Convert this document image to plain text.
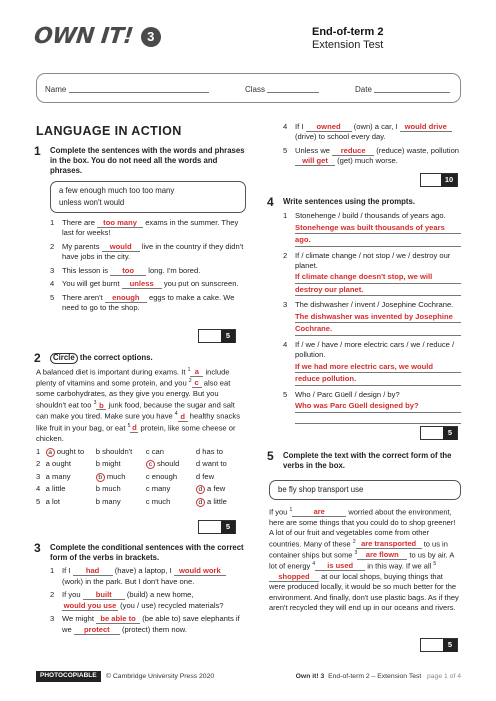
OWN IT! 3	End-of-term 2
Extension Test
Name	Class	Date
LANGUAGE IN ACTION
1	Complete the sentences with the words and phrases in the box. You do not need all the words and phrases.
a few enough much too too many
unless won't would
1 There are too many exams in the summer. They last for weeks!
2 My parents would live in the country if they didn't have jobs in the city.
3 This lesson is too long. I'm bored.
4 You will get burnt unless you put on sunscreen.
5 There aren't enough eggs to make a cake. We need to go to the shop.
5
2	Circle the correct options.
A balanced diet is important during exams. It $^1$ a include plenty of vitamins and some protein, and you $^2$ c also eat some carbohydrates, as they give you energy. But you shouldn't eat too $^3$ b junk food, because the sugar and salt can make you tired. Make sure you have $^4$ d healthy snacks like fruit in your bag, or eat $^5$ d protein, like some cheese or chicken.
1	a ought to	b shouldn't	c can	d has to
2 a ought	b might	c should	d want to
3 a many	b much	c enough	d few
4 a little	b much	c many	d a few
5 a lot	b many	c much	d a little
5
3	Complete the conditional sentences with the correct form of the verbs in brackets.
1 If I had (have) a laptop, I would work (work) in the park. But I don't have one.
2 If you built (build) a new home, would you use (you / use) recycled materials?
3 We might be able to (be able to) save elephants if we protect (protect) them now.
4 If I owned (own) a car, I would drive (drive) to school every day.
5 Unless we reduce (reduce) waste, pollution will get (get) much worse.
10
4	Write sentences using the prompts.
1 Stonehenge / build / thousands of years ago.
Stonehenge was built thousands of years
ago.
2 If / climate change / not stop / we / destroy our planet.
If climate change doesn't stop, we will
destroy our planet.
3 The dishwasher / invent / Josephine Cochrane.
The dishwasher was invented by Josephine
Cochrane.
4 If / we / have / more electric cars / we / reduce / pollution.
If we had more electric cars, we would
reduce pollution.
5 Who / Parc Güell / design / by?
Who was Parc Güell designed by?
5
5	Complete the text with the correct form of the verbs in the box.
be fly shop transport use
If you $^1$	are	worried about the environment, here are some things that you could do to shop greener! A lot of our fruit and vegetables come from other countries. Many of these $^2$ are transported to us in container ships but some $^3$ are flown to us by air. A lot of energy $^4$ is used in this way. If we all $^5$shopped at our local shops, buying things that were produced locally, it would be so much better for the environment. And finally, don't use plastic bags. As if they aren't recycled they will end up in our oceans and rivers.
5
PHOTOCOPIABLE	© Cambridge University Press 2020	Own it! 3 End-of-term 2 – Extension Test page 1 of 4
